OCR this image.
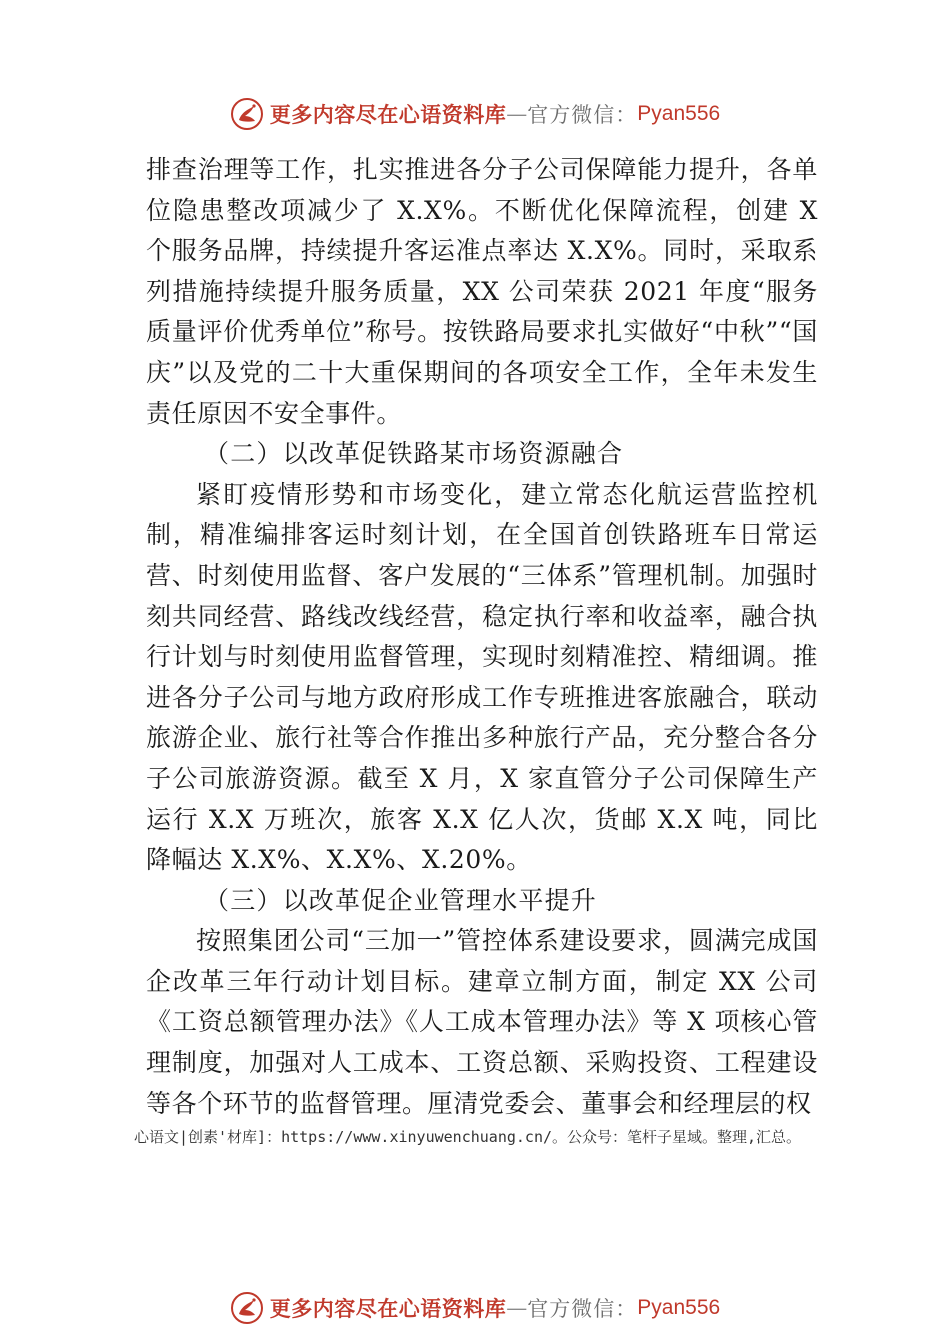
更多内容尽在心语资料库 — 官方微信： Pyan556

排查治理等工作，扎实推进各分子公司保障能力提升，各单位隐患整改项减少了 X.X%。不断优化保障流程，创建 X 个服务品牌，持续提升客运准点率达 X.X%。同时，采取系列措施持续提升服务质量，XX 公司荣获 2021 年度“服务质量评价优秀单位”称号。按铁路局要求扎实做好“中秋”“国庆”以及党的二十大重保期间的各项安全工作，全年未发生责任原因不安全事件。

（二）以改革促铁路某市场资源融合

紧盯疫情形势和市场变化，建立常态化航运营监控机制，精准编排客运时刻计划，在全国首创铁路班车日常运营、时刻使用监督、客户发展的“三体系”管理机制。加强时刻共同经营、路线改线经营，稳定执行率和收益率，融合执行计划与时刻使用监督管理，实现时刻精准控、精细调。推进各分子公司与地方政府形成工作专班推进客旅融合，联动旅游企业、旅行社等合作推出多种旅行产品，充分整合各分子公司旅游资源。截至 X 月，X 家直管分子公司保障生产运行 X.X 万班次，旅客 X.X 亿人次，货邮 X.X 吨，同比降幅达 X.X%、X.X%、X.20%。

（三）以改革促企业管理水平提升

按照集团公司“三加一”管控体系建设要求，圆满完成国企改革三年行动计划目标。建章立制方面，制定 XX 公司《工资总额管理办法》《人工成本管理办法》等 X 项核心管理制度，加强对人工成本、工资总额、采购投资、工程建设等各个环节的监督管理。厘清党委会、董事会和经理层的权

心语文|创素'材库]：https://www.xinyuwenchuang.cn/。公众号：笔杆子星域。整理,汇总。
更多内容尽在心语资料库 — 官方微信： Pyan556
